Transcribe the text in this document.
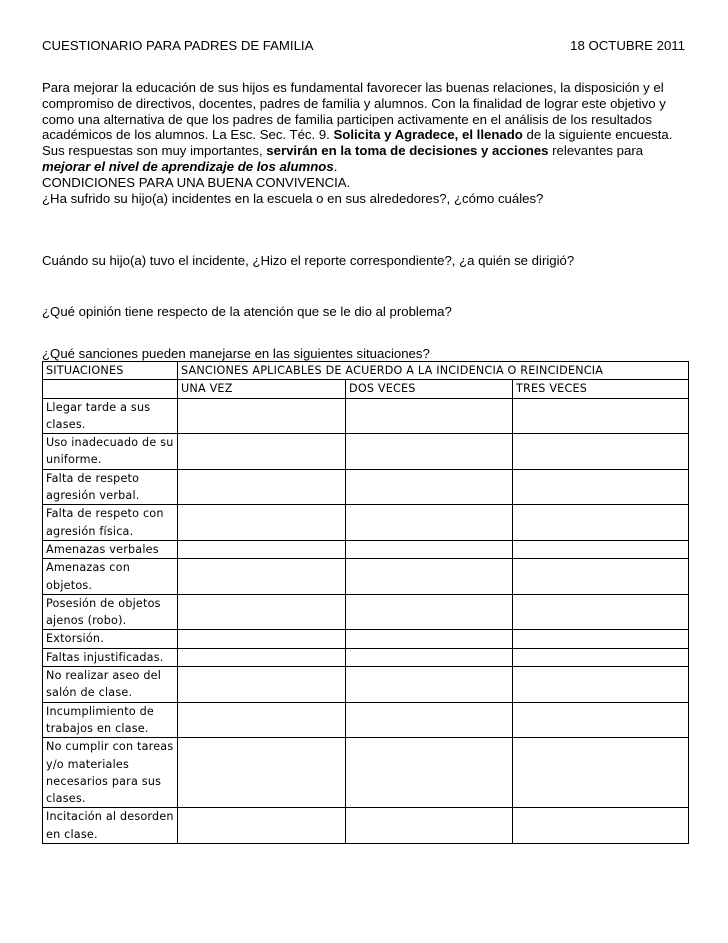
CUESTIONARIO PARA PADRES DE FAMILIA	18 OCTUBRE 2011
Para mejorar la educación de sus hijos es fundamental favorecer las buenas relaciones, la disposición y el compromiso de directivos, docentes, padres de familia y alumnos. Con la finalidad de lograr este objetivo y como una alternativa de que los padres de familia participen activamente en el análisis de los resultados académicos de los alumnos. La Esc. Sec. Téc. 9. Solicita y Agradece, el llenado de la siguiente encuesta.
Sus respuestas son muy importantes, servirán en la toma de decisiones y acciones relevantes para mejorar el nivel de aprendizaje de los alumnos.
CONDICIONES PARA UNA BUENA CONVIVENCIA.
¿Ha sufrido su hijo(a) incidentes en la escuela o en sus alrededores?, ¿cómo cuáles?
Cuándo su hijo(a) tuvo el incidente, ¿Hizo el reporte correspondiente?, ¿a quién se dirigió?
¿Qué opinión tiene respecto de la atención que se le dio al problema?
¿Qué sanciones pueden manejarse en las siguientes situaciones?
SITUACIONES	SANCIONES APLICABLES DE ACUERDO A LA INCIDENCIA O REINCIDENCIA		
	UNA VEZ	DOS VECES	TRES VECES
Llegar tarde a sus clases.			
Uso inadecuado de su uniforme.			
Falta de respeto agresión verbal.			
Falta de respeto con agresión física.			
Amenazas verbales			
Amenazas con objetos.			
Posesión de objetos ajenos (robo).			
Extorsión.			
Faltas injustificadas.			
No realizar aseo del salón de clase.			
Incumplimiento de trabajos en clase.			
No cumplir con tareas y/o materiales necesarios para sus clases.			
Incitación al desorden en clase.			
